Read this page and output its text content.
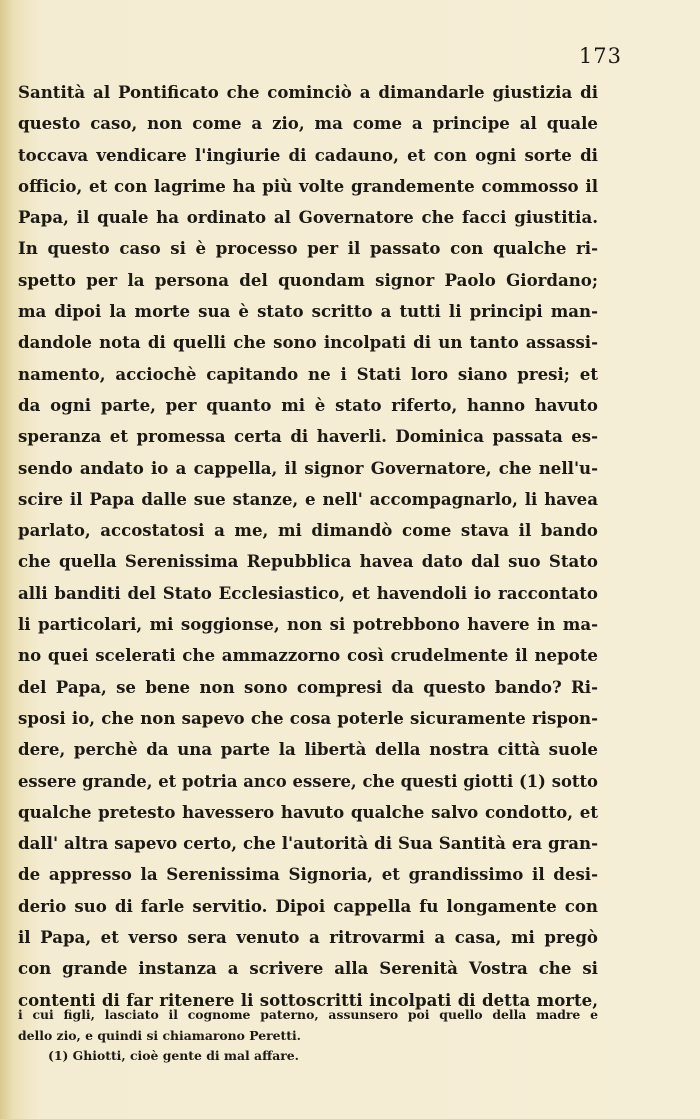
173
Santità al Pontificato che cominciò a dimandarle giustizia di
questo caso, non come a zio, ma come a principe al quale
toccava vendicare l'ingiurie di cadauno, et con ogni sorte di
officio, et con lagrime ha più volte grandemente commosso il
Papa, il quale ha ordinato al Governatore che facci giustitia.
In questo caso si è processo per il passato con qualche ri-
spetto per la persona del quondam signor Paolo Giordano;
ma dipoi la morte sua è stato scritto a tutti li principi man-
dandole nota di quelli che sono incolpati di un tanto assassi-
namento, acciochè capitando ne i Stati loro siano presi; et
da ogni parte, per quanto mi è stato riferto, hanno havuto
speranza et promessa certa di haverli. Dominica passata es-
sendo andato io a cappella, il signor Governatore, che nell'u-
scire il Papa dalle sue stanze, e nell' accompagnarlo, li havea
parlato, accostatosi a me, mi dimandò come stava il bando
che quella Serenissima Repubblica havea dato dal suo Stato
alli banditi del Stato Ecclesiastico, et havendoli io raccontato
li particolari, mi soggionse, non si potrebbono havere in ma-
no quei scelerati che ammazzorno così crudelmente il nepote
del Papa, se bene non sono compresi da questo bando? Ri-
sposi io, che non sapevo che cosa poterle sicuramente rispon-
dere, perchè da una parte la libertà della nostra città suole
essere grande, et potria anco essere, che questi giotti (1) sotto
qualche pretesto havessero havuto qualche salvo condotto, et
dall' altra sapevo certo, che l'autorità di Sua Santità era gran-
de appresso la Serenissima Signoria, et grandissimo il desi-
derio suo di farle servitio. Dipoi cappella fu longamente con
il Papa, et verso sera venuto a ritrovarmi a casa, mi pregò
con grande instanza a scrivere alla Serenità Vostra che si
contenti di far ritenere li sottoscritti incolpati di detta morte,
i cui figli, lasciato il cognome paterno, assunsero poi quello della madre e
dello zio, e quindi si chiamarono Peretti.
(1) Ghiotti, cioè gente di mal affare.
